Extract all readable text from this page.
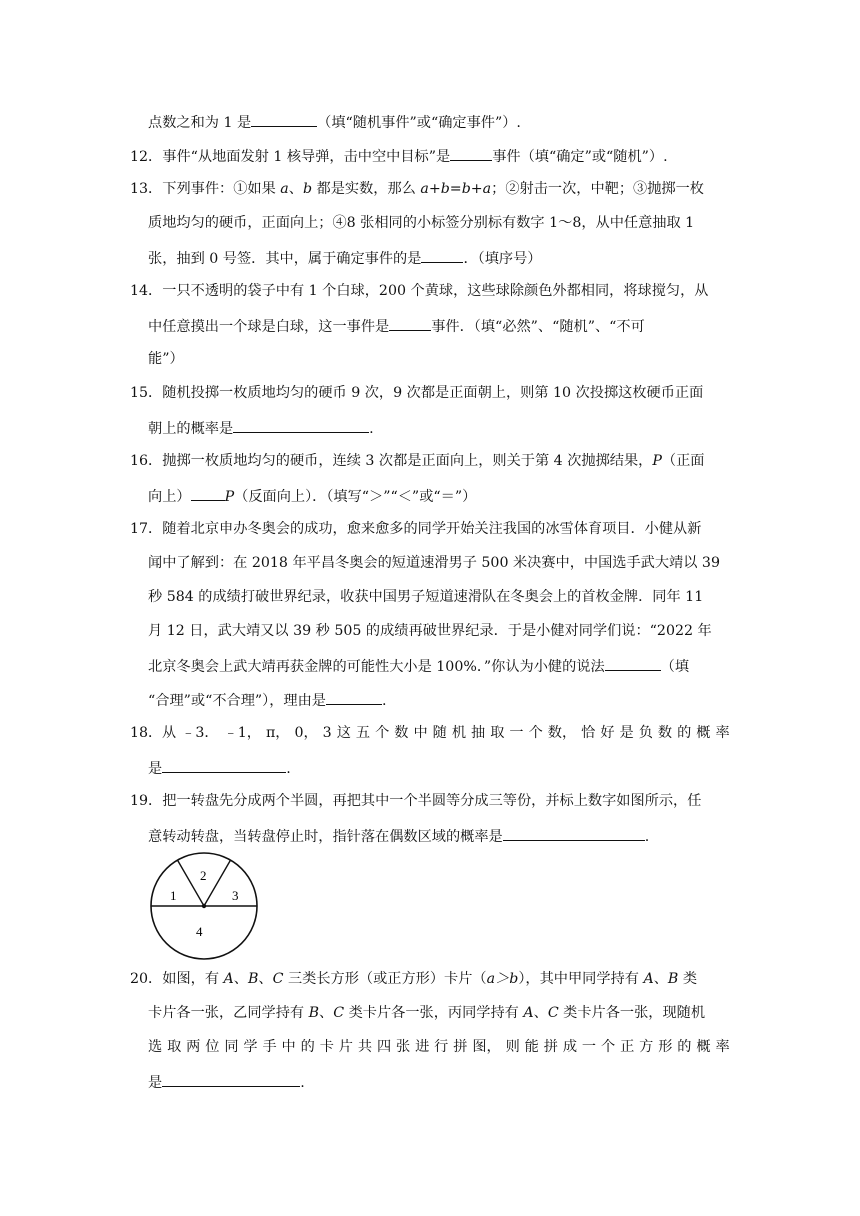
点数之和为 1 是	（填“随机事件”或“确定事件”）.
12．事件“从地面发射 1 核导弹，击中空中目标”是	事件（填“确定”或“随机”）.
13．下列事件：①如果 a、b 都是实数，那么 a+b=b+a；②射击一次，中靶；③抛掷一枚
质地均匀的硬币，正面向上；④8 张相同的小标签分别标有数字 1～8，从中任意抽取 1
张，抽到 0 号签．其中，属于确定事件的是	．（填序号）
14．一只不透明的袋子中有 1 个白球，200 个黄球，这些球除颜色外都相同，将球搅匀，从
中任意摸出一个球是白球，这一事件是	事件．（填“必然”、“随机”、“不可
能”）
15．随机投掷一枚质地均匀的硬币 9 次，9 次都是正面朝上，则第 10 次投掷这枚硬币正面
朝上的概率是	.
16．抛掷一枚质地均匀的硬币，连续 3 次都是正面向上，则关于第 4 次抛掷结果，P（正面
向上） P（反面向上）．（填写“＞”“＜”或“＝”）
17．随着北京申办冬奥会的成功，愈来愈多的同学开始关注我国的冰雪体育项目．小健从新
闻中了解到：在 2018 年平昌冬奥会的短道速滑男子 500 米决赛中，中国选手武大靖以 39
秒 584 的成绩打破世界纪录，收获中国男子短道速滑队在冬奥会上的首枚金牌．同年 11
月 12 日，武大靖又以 39 秒 505 的成绩再破世界纪录．于是小健对同学们说：“2022 年
北京冬奥会上武大靖再获金牌的可能性大小是 100%．”你认为小健的说法	（填
“合理”或“不合理”），理由是	.
18． 从 ﹣3． ﹣1， π， 0， 3 这 五 个 数 中 随 机 抽 取 一 个 数， 恰 好 是 负 数 的 概 率
是	.
19．把一转盘先分成两个半圆，再把其中一个半圆等分成三等份，并标上数字如图所示，任
意转动转盘，当转盘停止时，指针落在偶数区域的概率是	.
1
2
3
4
20．如图，有 A、B、C 三类长方形（或正方形）卡片（a＞b），其中甲同学持有 A、B 类
卡片各一张，乙同学持有 B、C 类卡片各一张，丙同学持有 A、C 类卡片各一张，现随机
选 取 两 位 同 学 手 中 的 卡 片 共 四 张 进 行 拼 图， 则 能 拼 成 一 个 正 方 形 的 概 率
是	.
